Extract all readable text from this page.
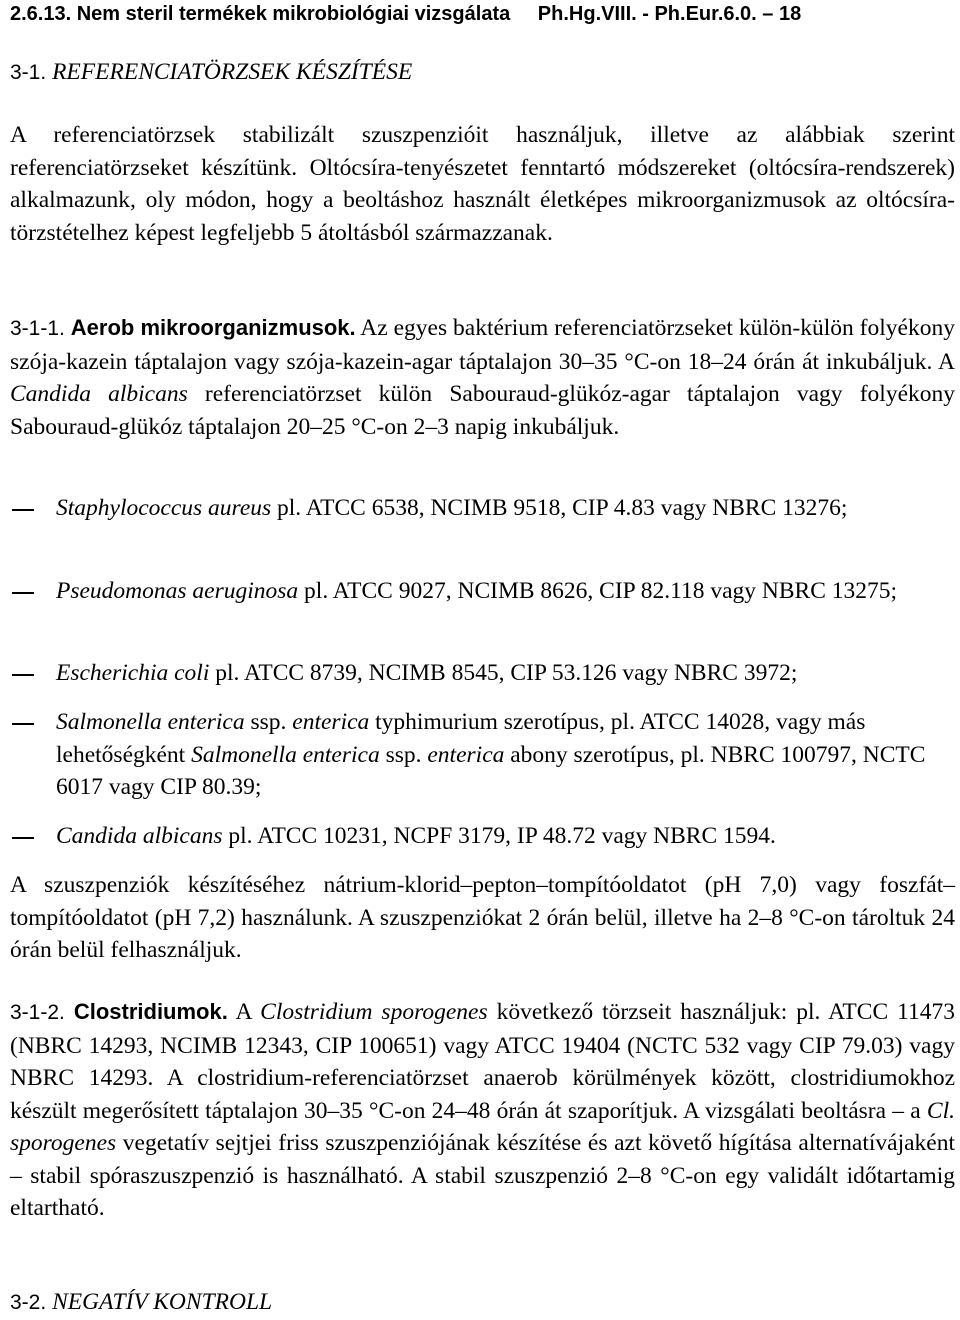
2.6.13. Nem steril termékek mikrobiológiai vizsgálata Ph.Hg.VIII. - Ph.Eur.6.0. – 18
3-1. REFERENCIATÖRZSEK KÉSZÍTÉSE
A referenciatörzsek stabilizált szuszpenzióit használjuk, illetve az alábbiak szerint referenciatörzseket készítünk. Oltócsíra-tenyészetet fenntartó módszereket (oltócsíra-rendszerek) alkalmazunk, oly módon, hogy a beoltáshoz használt életképes mikroorganizmusok az oltócsíra-törzstételhez képest legfeljebb 5 átoltásból származzanak.
3-1-1. Aerob mikroorganizmusok. Az egyes baktérium referenciatörzseket külön-külön folyékony szója-kazein táptalajon vagy szója-kazein-agar táptalajon 30–35 °C-on 18–24 órán át inkubáljuk. A Candida albicans referenciatörzset külön Sabouraud-glükóz-agar táptalajon vagy folyékony Sabouraud-glükóz táptalajon 20–25 °C-on 2–3 napig inkubáljuk.
Staphylococcus aureus pl. ATCC 6538, NCIMB 9518, CIP 4.83 vagy NBRC 13276;
Pseudomonas aeruginosa pl. ATCC 9027, NCIMB 8626, CIP 82.118 vagy NBRC 13275;
Escherichia coli pl. ATCC 8739, NCIMB 8545, CIP 53.126 vagy NBRC 3972;
Salmonella enterica ssp. enterica typhimurium szerotípus, pl. ATCC 14028, vagy más lehetőségként Salmonella enterica ssp. enterica abony szerotípus, pl. NBRC 100797, NCTC 6017 vagy CIP 80.39;
Candida albicans pl. ATCC 10231, NCPF 3179, IP 48.72 vagy NBRC 1594.
A szuszpenziók készítéséhez nátrium-klorid–pepton–tompítóoldatot (pH 7,0) vagy foszfát–tompítóoldatot (pH 7,2) használunk. A szuszpenziókat 2 órán belül, illetve ha 2–8 °C-on tároltuk 24 órán belül felhasználjuk.
3-1-2. Clostridiumok. A Clostridium sporogenes következő törzseit használjuk: pl. ATCC 11473 (NBRC 14293, NCIMB 12343, CIP 100651) vagy ATCC 19404 (NCTC 532 vagy CIP 79.03) vagy NBRC 14293. A clostridium-referenciatörzset anaerob körülmények között, clostridiumokhoz készült megerősített táptalajon 30–35 °C-on 24–48 órán át szaporítjuk. A vizsgálati beoltásra – a Cl. sporogenes vegetatív sejtjei friss szuszpenziójának készítése és azt követő hígítása alternatívájaként – stabil spóraszuszpenzió is használható. A stabil szuszpenzió 2–8 °C-on egy validált időtartamig eltartható.
3-2. NEGATÍV KONTROLL
